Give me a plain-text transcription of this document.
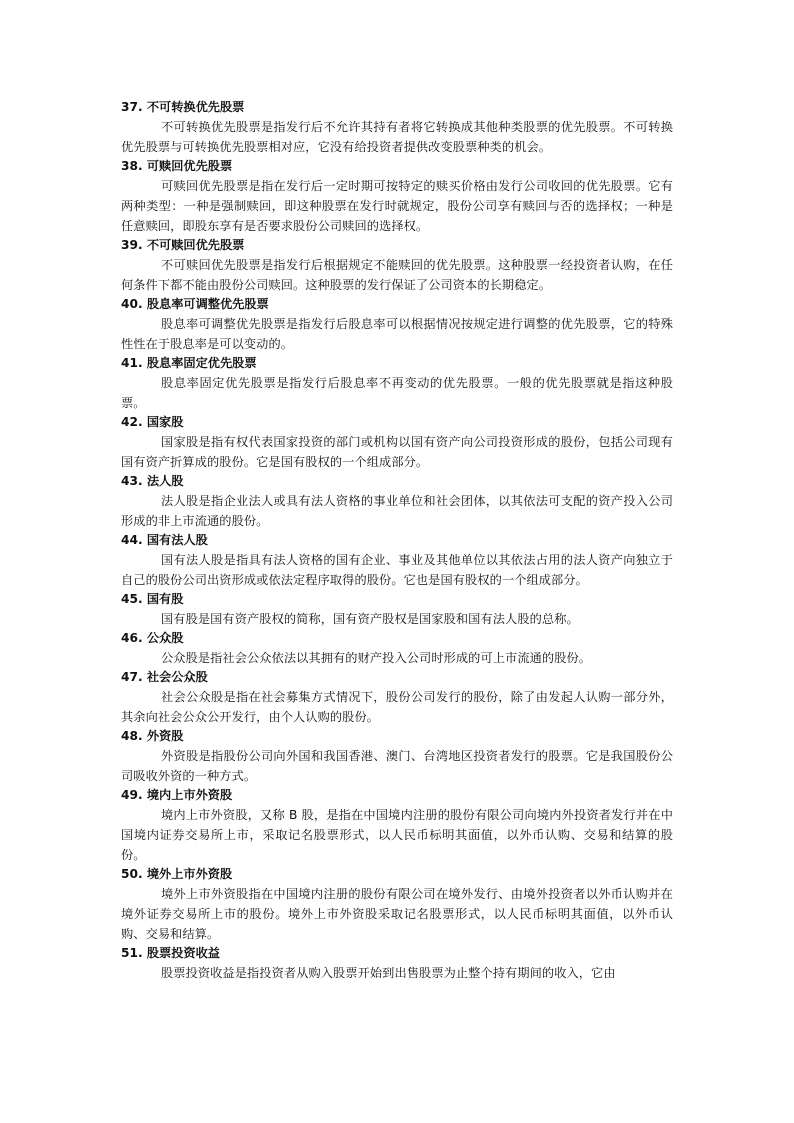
37. 不可转换优先股票
不可转换优先股票是指发行后不允许其持有者将它转换成其他种类股票的优先股票。不可转换优先股票与可转换优先股票相对应，它没有给投资者提供改变股票种类的机会。
38. 可赎回优先股票
可赎回优先股票是指在发行后一定时期可按特定的赎买价格由发行公司收回的优先股票。它有两种类型：一种是强制赎回，即这种股票在发行时就规定，股份公司享有赎回与否的选择权；一种是任意赎回，即股东享有是否要求股份公司赎回的选择权。
39. 不可赎回优先股票
不可赎回优先股票是指发行后根据规定不能赎回的优先股票。这种股票一经投资者认购，在任何条件下都不能由股份公司赎回。这种股票的发行保证了公司资本的长期稳定。
40. 股息率可调整优先股票
股息率可调整优先股票是指发行后股息率可以根据情况按规定进行调整的优先股票，它的特殊性性在于股息率是可以变动的。
41. 股息率固定优先股票
股息率固定优先股票是指发行后股息率不再变动的优先股票。一般的优先股票就是指这种股票。
42. 国家股
国家股是指有权代表国家投资的部门或机构以国有资产向公司投资形成的股份，包括公司现有国有资产折算成的股份。它是国有股权的一个组成部分。
43. 法人股
法人股是指企业法人或具有法人资格的事业单位和社会团体，以其依法可支配的资产投入公司形成的非上市流通的股份。
44. 国有法人股
国有法人股是指具有法人资格的国有企业、事业及其他单位以其依法占用的法人资产向独立于自己的股份公司出资形成或依法定程序取得的股份。它也是国有股权的一个组成部分。
45. 国有股
国有股是国有资产股权的简称，国有资产股权是国家股和国有法人股的总称。
46. 公众股
公众股是指社会公众依法以其拥有的财产投入公司时形成的可上市流通的股份。
47. 社会公众股
社会公众股是指在社会募集方式情况下，股份公司发行的股份，除了由发起人认购一部分外，其余向社会公众公开发行，由个人认购的股份。
48. 外资股
外资股是指股份公司向外国和我国香港、澳门、台湾地区投资者发行的股票。它是我国股份公司吸收外资的一种方式。
49. 境内上市外资股
境内上市外资股，又称 B 股，是指在中国境内注册的股份有限公司向境内外投资者发行并在中国境内证券交易所上市，采取记名股票形式，以人民币标明其面值，以外币认购、交易和结算的股份。
50. 境外上市外资股
境外上市外资股指在中国境内注册的股份有限公司在境外发行、由境外投资者以外币认购并在境外证券交易所上市的股份。境外上市外资股采取记名股票形式，以人民币标明其面值，以外币认购、交易和结算。
51. 股票投资收益
股票投资收益是指投资者从购入股票开始到出售股票为止整个持有期间的收入，它由
